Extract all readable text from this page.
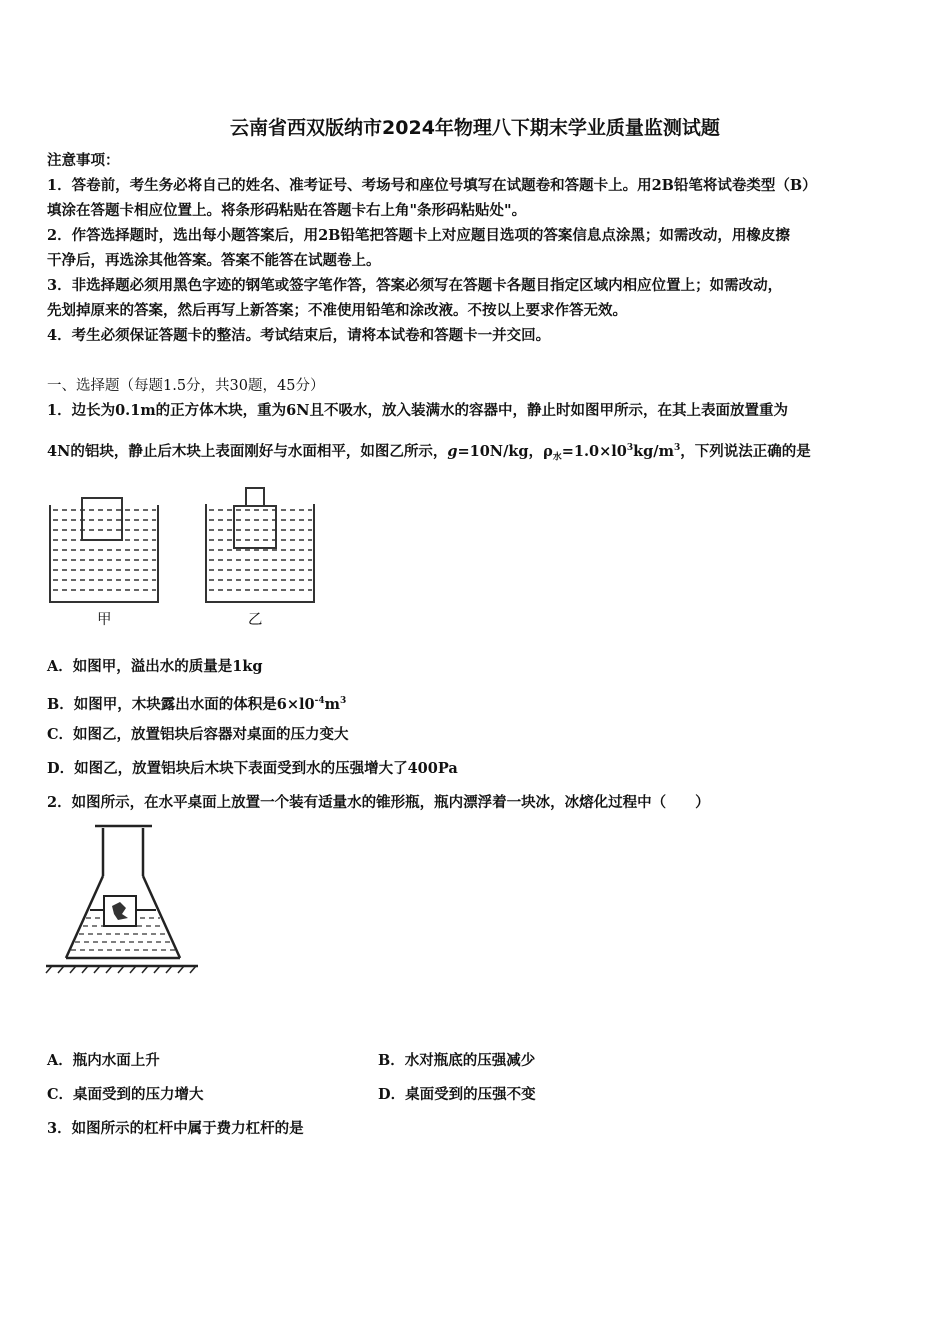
云南省西双版纳市2024年物理八下期末学业质量监测试题
注意事项：
1．答卷前，考生务必将自己的姓名、准考证号、考场号和座位号填写在试题卷和答题卡上。用2B铅笔将试卷类型（B）
填涂在答题卡相应位置上。将条形码粘贴在答题卡右上角"条形码粘贴处"。
2．作答选择题时，选出每小题答案后，用2B铅笔把答题卡上对应题目选项的答案信息点涂黑；如需改动，用橡皮擦
干净后，再选涂其他答案。答案不能答在试题卷上。
3．非选择题必须用黑色字迹的钢笔或签字笔作答，答案必须写在答题卡各题目指定区域内相应位置上；如需改动，
先划掉原来的答案，然后再写上新答案；不准使用铅笔和涂改液。不按以上要求作答无效。
4．考生必须保证答题卡的整洁。考试结束后，请将本试卷和答题卡一并交回。
一、选择题（每题1.5分，共30题，45分）
1．边长为0.1m的正方体木块，重为6N且不吸水，放入装满水的容器中，静止时如图甲所示，在其上表面放置重为
4N的铝块，静止后木块上表面刚好与水面相平，如图乙所示，g=10N/kg，$\rho_水=1.0\times l0^3kg/m^3$，下列说法正确的是
甲	乙
A．如图甲，溢出水的质量是1kg
B．如图甲，木块露出水面的体积是$6\times l0^{-4}m^3$
C．如图乙，放置铝块后容器对桌面的压力变大
D．如图乙，放置铝块后木块下表面受到水的压强增大了400Pa
2．如图所示，在水平桌面上放置一个装有适量水的锥形瓶，瓶内漂浮着一块冰，冰熔化过程中（　　）
A．瓶内水面上升	B．水对瓶底的压强减少
C．桌面受到的压力增大	D．桌面受到的压强不变
3．如图所示的杠杆中属于费力杠杆的是
